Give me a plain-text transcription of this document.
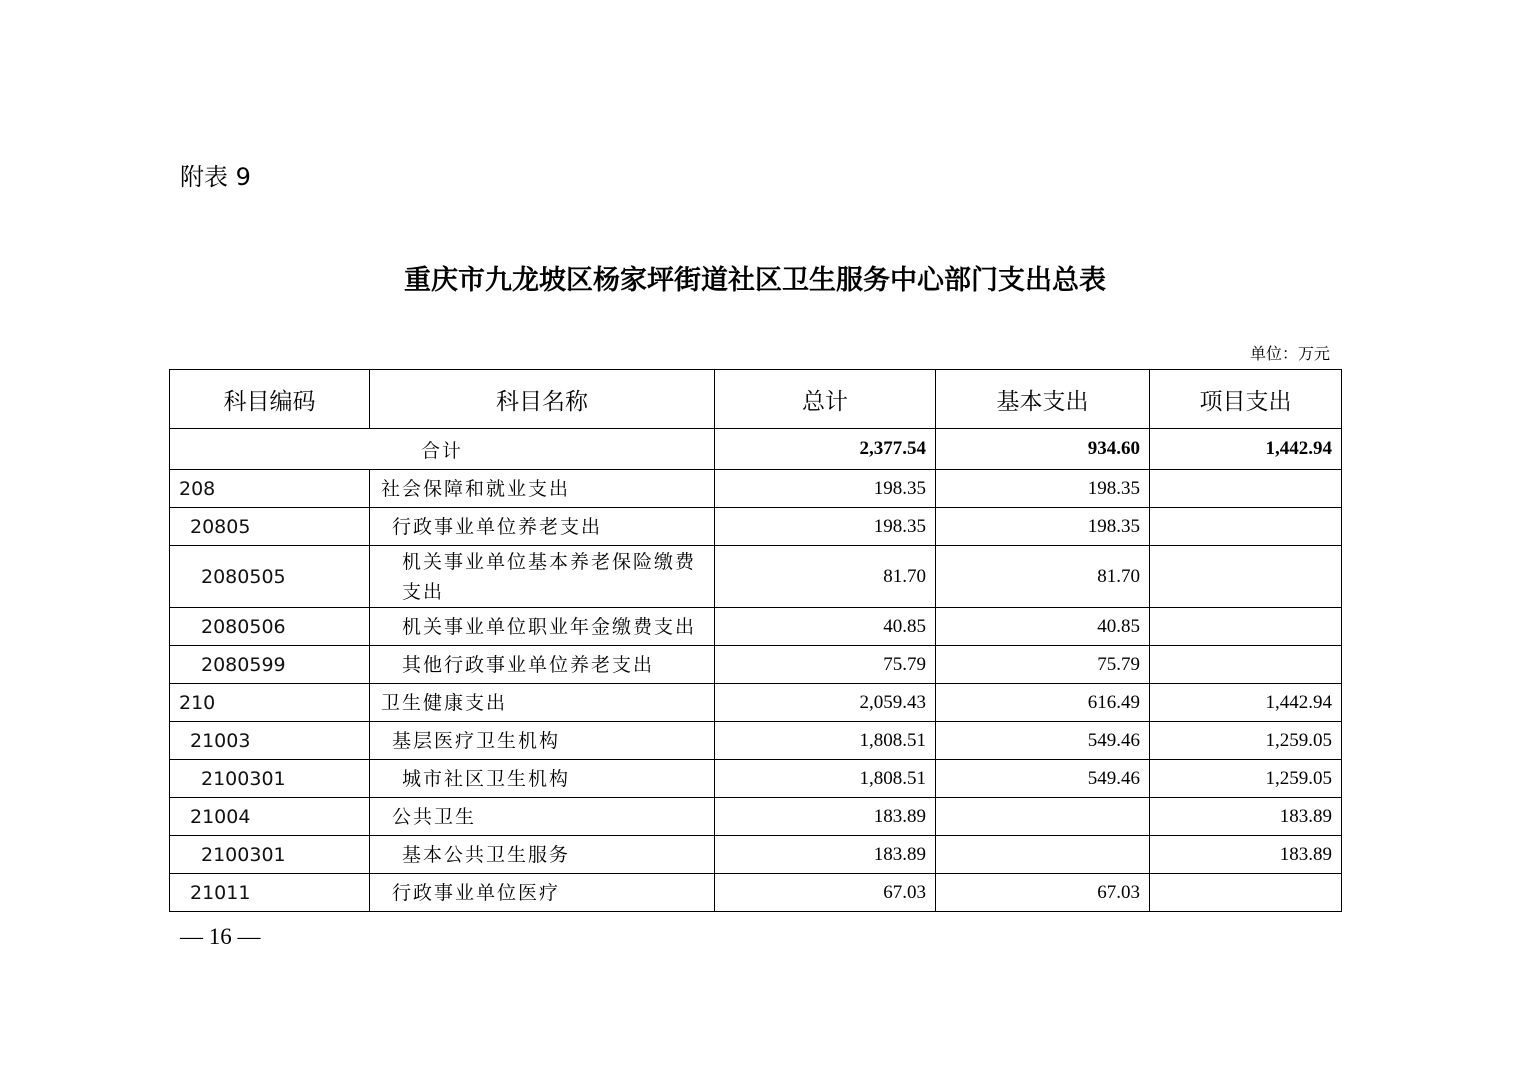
附表 9
重庆市九龙坡区杨家坪街道社区卫生服务中心部门支出总表
单位：万元
科目编码	科目名称	总计	基本支出	项目支出
合计		2,377.54	934.60	1,442.94
208	社会保障和就业支出	198.35	198.35	
20805	行政事业单位养老支出	198.35	198.35	
2080505	机关事业单位基本养老保险缴费支出	81.70	81.70	
2080506	机关事业单位职业年金缴费支出	40.85	40.85	
2080599	其他行政事业单位养老支出	75.79	75.79	
210	卫生健康支出	2,059.43	616.49	1,442.94
21003	基层医疗卫生机构	1,808.51	549.46	1,259.05
2100301	城市社区卫生机构	1,808.51	549.46	1,259.05
21004	公共卫生	183.89		183.89
2100301	基本公共卫生服务	183.89		183.89
21011	行政事业单位医疗	67.03	67.03	
— 16 —
